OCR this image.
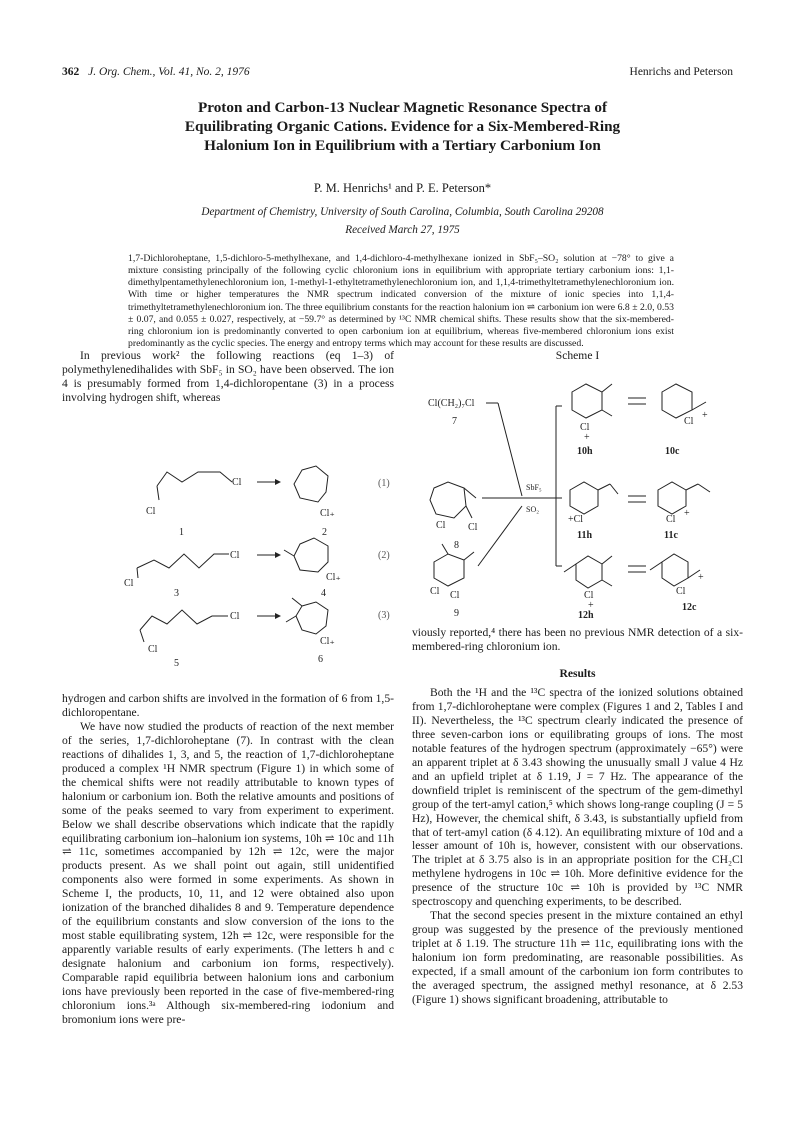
362 J. Org. Chem., Vol. 41, No. 2, 1976	Henrichs and Peterson
Proton and Carbon-13 Nuclear Magnetic Resonance Spectra of
Equilibrating Organic Cations. Evidence for a Six-Membered-Ring
Halonium Ion in Equilibrium with a Tertiary Carbonium Ion
P. M. Henrichs¹ and P. E. Peterson*
Department of Chemistry, University of South Carolina, Columbia, South Carolina 29208
Received March 27, 1975
1,7-Dichloroheptane, 1,5-dichloro-5-methylhexane, and 1,4-dichloro-4-methylhexane ionized in SbF₅–SO₂ solution at −78° to give a mixture consisting principally of the following cyclic chloronium ions in equilibrium with appropriate tertiary carbonium ions: 1,1-dimethylpentamethylenechloronium ion, 1-methyl-1-ethyltetramethylenechloronium ion, and 1,1,4-trimethyltetramethylenechloronium ion. With time or higher temperatures the NMR spectrum indicated conversion of the mixture of ionic species into 1,1,4-trimethyltetramethylenechloronium ion. The three equilibrium constants for the reaction halonium ion ⇌ carbonium ion were 6.8 ± 2.0, 0.53 ± 0.07, and 0.055 ± 0.027, respectively, at −59.7° as determined by ¹³C NMR chemical shifts. These results show that the six-membered-ring chloronium ion is predominantly converted to open carbonium ion at equilibrium, whereas five-membered chloronium ions exist predominantly as the cyclic species. The energy and entropy terms which may account for these results are discussed.

In previous work² the following reactions (eq 1–3) of polymethylenedihalides with SbF₅ in SO₂ have been observed. The ion 4 is presumably formed from 1,4-dichloropentane (3) in a process involving hydrogen shift, whereas

Cl
Cl	Cl₊
(1)
1	2
Cl
Cl
Cl₊
(2)
3	4
Cl
Cl
Cl₊
(3)
5	6

hydrogen and carbon shifts are involved in the formation of 6 from 1,5-dichloropentane.

We have now studied the products of reaction of the next member of the series, 1,7-dichloroheptane (7). In contrast with the clean reactions of dihalides 1, 3, and 5, the reaction of 1,7-dichloroheptane produced a complex ¹H NMR spectrum (Figure 1) in which some of the chemical shifts were not readily attributable to known types of halonium or carbonium ion. Both the relative amounts and positions of some of the peaks seemed to vary from experiment to experiment. Below we shall describe observations which indicate that the rapidly equilibrating carbonium ion–halonium ion systems, 10h ⇌ 10c and 11h ⇌ 11c, sometimes accompanied by 12h ⇌ 12c, were the major products present. As we shall point out again, still unidentified components also were formed in some experiments. As shown in Scheme I, the products, 10, 11, and 12 were obtained also upon ionization of the branched dihalides 8 and 9. Temperature dependence of the equilibrium constants and slow conversion of the ions to the most stable equilibrating system, 12h ⇌ 12c, were responsible for the apparently variable results of early experiments. (The letters h and c designate halonium and carbonium ion forms, respectively). Comparable rapid equilibria between halonium ions and carbonium ions have previously been reported in the case of five-membered-ring chloronium ions.³ᵃ Although six-membered-ring iodonium and bromonium ions were pre-

Scheme I
Cl(CH₂)₇Cl
7
Cl Cl
8
Cl Cl
9
SbF₅
SO₂
Cl
+
10h
Cl
+
10c
+Cl
11h
Cl
+
11c
Cl
+
12h
Cl
+
12c

viously reported,⁴ there has been no previous NMR detection of a six-membered-ring chloronium ion.

Results

Both the ¹H and the ¹³C spectra of the ionized solutions obtained from 1,7-dichloroheptane were complex (Figures 1 and 2, Tables I and II). Nevertheless, the ¹³C spectrum clearly indicated the presence of three seven-carbon ions or equilibrating groups of ions. The most notable features of the hydrogen spectrum (approximately −65°) were an apparent triplet at δ 3.43 showing the unusually small J value 4 Hz and an upfield triplet at δ 1.19, J = 7 Hz. The appearance of the downfield triplet is reminiscent of the spectrum of the gem-dimethyl group of the tert-amyl cation,⁵ which shows long-range coupling (J = 5 Hz), However, the chemical shift, δ 3.43, is substantially upfield from that of tert-amyl cation (δ 4.12). An equilibrating mixture of 10d and a lesser amount of 10h is, however, consistent with our observations. The triplet at δ 3.75 also is in an appropriate position for the CH₂Cl methylene hydrogens in 10c ⇌ 10h. More definitive evidence for the presence of the structure 10c ⇌ 10h is provided by ¹³C NMR spectroscopy and quenching experiments, to be described.

That the second species present in the mixture contained an ethyl group was suggested by the presence of the previously mentioned triplet at δ 1.19. The structure 11h ⇌ 11c, equilibrating ions with the halonium ion form predominating, are reasonable possibilities. As expected, if a small amount of the carbonium ion form contributes to the averaged spectrum, the assigned methyl resonance, at δ 2.53 (Figure 1) shows significant broadening, attributable to
